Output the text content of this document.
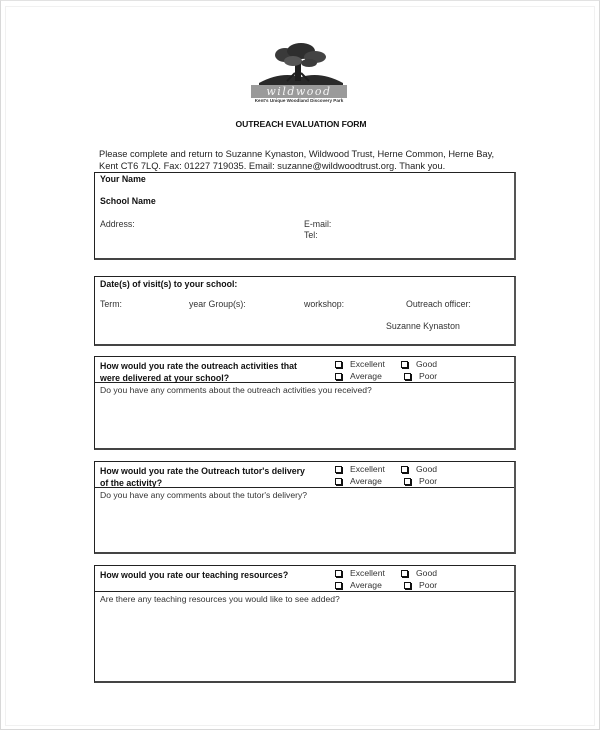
wildwood
Kent's Unique Woodland Discovery Park
OUTREACH EVALUATION FORM
Please complete and return to Suzanne Kynaston, Wildwood Trust, Herne Common, Herne Bay,
Kent CT6 7LQ. Fax: 01227 719035. Email: suzanne@wildwoodtrust.org. Thank you.
Your Name
School Name
Address:	E-mail:
Tel:
Date(s) of visit(s) to your school:
Term:	year Group(s):	workshop:	Outreach officer:
Suzanne Kynaston
How would you rate the outreach activities that
were delivered at your school?
Excellent	Good
Average	Poor
Do you have any comments about the outreach activities you received?
How would you rate the Outreach tutor's delivery
of the activity?
Excellent	Good
Average	Poor
Do you have any comments about the tutor's delivery?
How would you rate our teaching resources?	Excellent	Good
Average	Poor
Are there any teaching resources you would like to see added?
